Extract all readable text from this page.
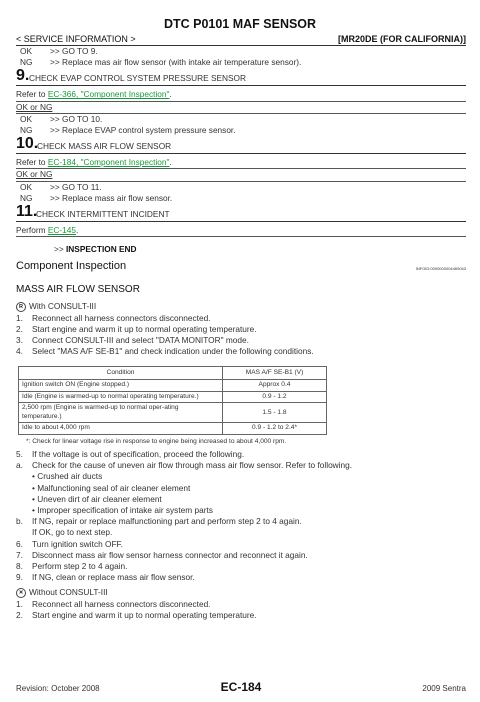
DTC P0101 MAF SENSOR
< SERVICE INFORMATION >	[MR20DE (FOR CALIFORNIA)]
OK	>> GO TO 9.
NG	>> Replace mas air flow sensor (with intake air temperature sensor).
9. CHECK EVAP CONTROL SYSTEM PRESSURE SENSOR
Refer to EC-366, "Component Inspection".
OK or NG
OK	>> GO TO 10.
NG	>> Replace EVAP control system pressure sensor.
10.
CHECK MASS AIR FLOW SENSOR
Refer to EC-184, "Component Inspection".
OK or NG
OK	>> GO TO 11.
NG	>> Replace mass air flow sensor.
11.
CHECK INTERMITTENT INCIDENT
Perform EC-145.
>> INSPECTION END
Component Inspection	INFOID:0000000004469043
MASS AIR FLOW SENSOR
R With CONSULT-III
1.	Reconnect all harness connectors disconnected.
2.	Start engine and warm it up to normal operating temperature.
3.	Connect CONSULT-III and select "DATA MONITOR" mode.
4.	Select "MAS A/F SE-B1" and check indication under the following conditions.
Condition	MAS A/F SE-B1 (V)
Ignition switch ON (Engine stopped.)	Approx 0.4
Idle (Engine is warmed-up to normal operating temperature.)	0.9 - 1.2
2,500 rpm (Engine is warmed-up to normal oper-ating temperature.)	1.5 - 1.8
Idle to about 4,000 rpm	0.9 - 1.2 to 2.4*
*: Check for linear voltage rise in response to engine being increased to about 4,000 rpm.
5.	If the voltage is out of specification, proceed the following.
a.	Check for the cause of uneven air flow through mass air flow sensor. Refer to following.
• Crushed air ducts
• Malfunctioning seal of air cleaner element
• Uneven dirt of air cleaner element
• Improper specification of intake air system parts
b.	If NG, repair or replace malfunctioning part and perform step 2 to 4 again.
If OK, go to next step.
6.	Turn ignition switch OFF.
7.	Disconnect mass air flow sensor harness connector and reconnect it again.
8.	Perform step 2 to 4 again.
9.	If NG, clean or replace mass air flow sensor.
✕ Without CONSULT-III
1.	Reconnect all harness connectors disconnected.
2.	Start engine and warm it up to normal operating temperature.
Revision: October 2008	EC-184	2009 Sentra
